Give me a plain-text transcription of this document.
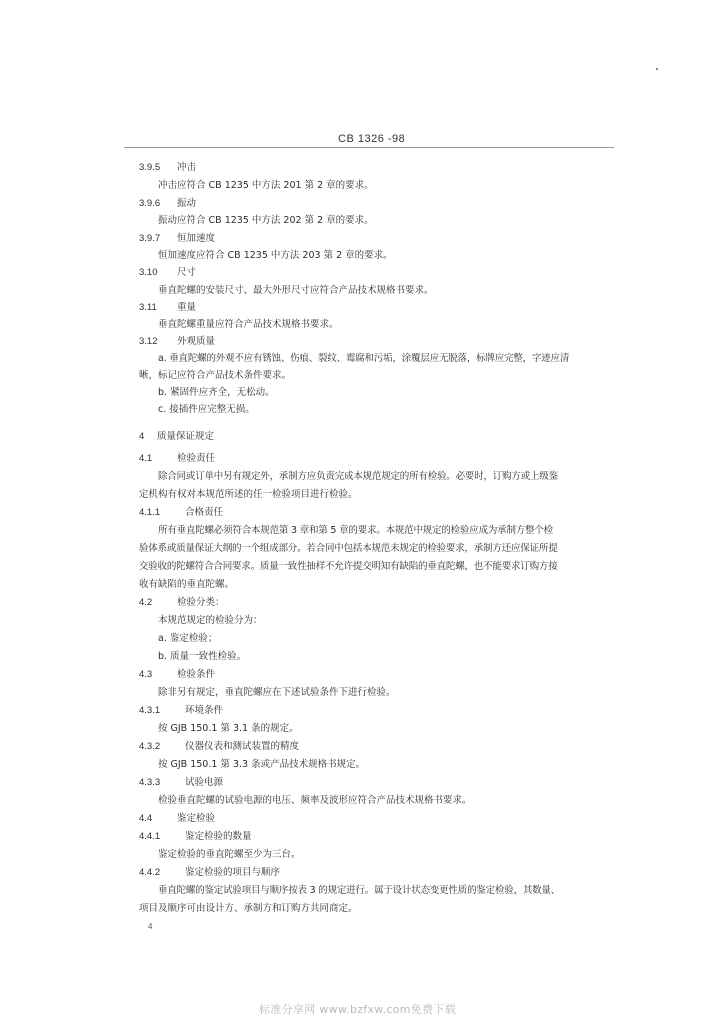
CB 1326 -98
3.9.5 冲击
冲击应符合 CB 1235 中方法 201 第 2 章的要求。
3.9.6 振动
振动应符合 CB 1235 中方法 202 第 2 章的要求。
3.9.7 恒加速度
恒加速度应符合 CB 1235 中方法 203 第 2 章的要求。
3.10 尺寸
垂直陀螺的安装尺寸、最大外形尺寸应符合产品技术规格书要求。
3.11 重量
垂直陀螺重量应符合产品技术规格书要求。
3.12 外观质量
a. 垂直陀螺的外观不应有锈蚀、伤痕、裂纹、霉腐和污垢，涂覆层应无脱落，标牌应完整，字迹应清
晰，标记应符合产品技术条件要求。
b. 紧固件应齐全，无松动。
c. 接插件应完整无损。
4 质量保证规定
4.1	检验责任
除合同或订单中另有规定外，承制方应负责完成本规范规定的所有检验。必要时，订购方或上级鉴
定机构有权对本规范所述的任一检验项目进行检验。
4.1.1	合格责任
所有垂直陀螺必须符合本规范第 3 章和第 5 章的要求。本规范中规定的检验应成为承制方整个检
验体系或质量保证大纲的一个组成部分。若合同中包括本规范未规定的检验要求，承制方还应保证所提
交验收的陀螺符合合同要求。质量一致性抽样不允许提交明知有缺陷的垂直陀螺，也不能要求订购方接
收有缺陷的垂直陀螺。
4.2	检验分类：
本规范规定的检验分为：
a. 鉴定检验；
b. 质量一致性检验。
4.3	检验条件
除非另有规定，垂直陀螺应在下述试验条件下进行检验。
4.3.1	环境条件
按 GJB 150.1 第 3.1 条的规定。
4.3.2	仪器仪表和测试装置的精度
按 GJB 150.1 第 3.3 条或产品技术规格书规定。
4.3.3	试验电源
检验垂直陀螺的试验电源的电压、频率及波形应符合产品技术规格书要求。
4.4	鉴定检验
4.4.1	鉴定检验的数量
鉴定检验的垂直陀螺至少为三台。
4.4.2	鉴定检验的项目与顺序
垂直陀螺的鉴定试验项目与顺序按表 3 的规定进行。属于设计状态变更性质的鉴定检验，其数量、
项目及顺序可由设计方、承制方和订购方共同商定。
4
标准分享网 www.bzfxw.com免费下载
